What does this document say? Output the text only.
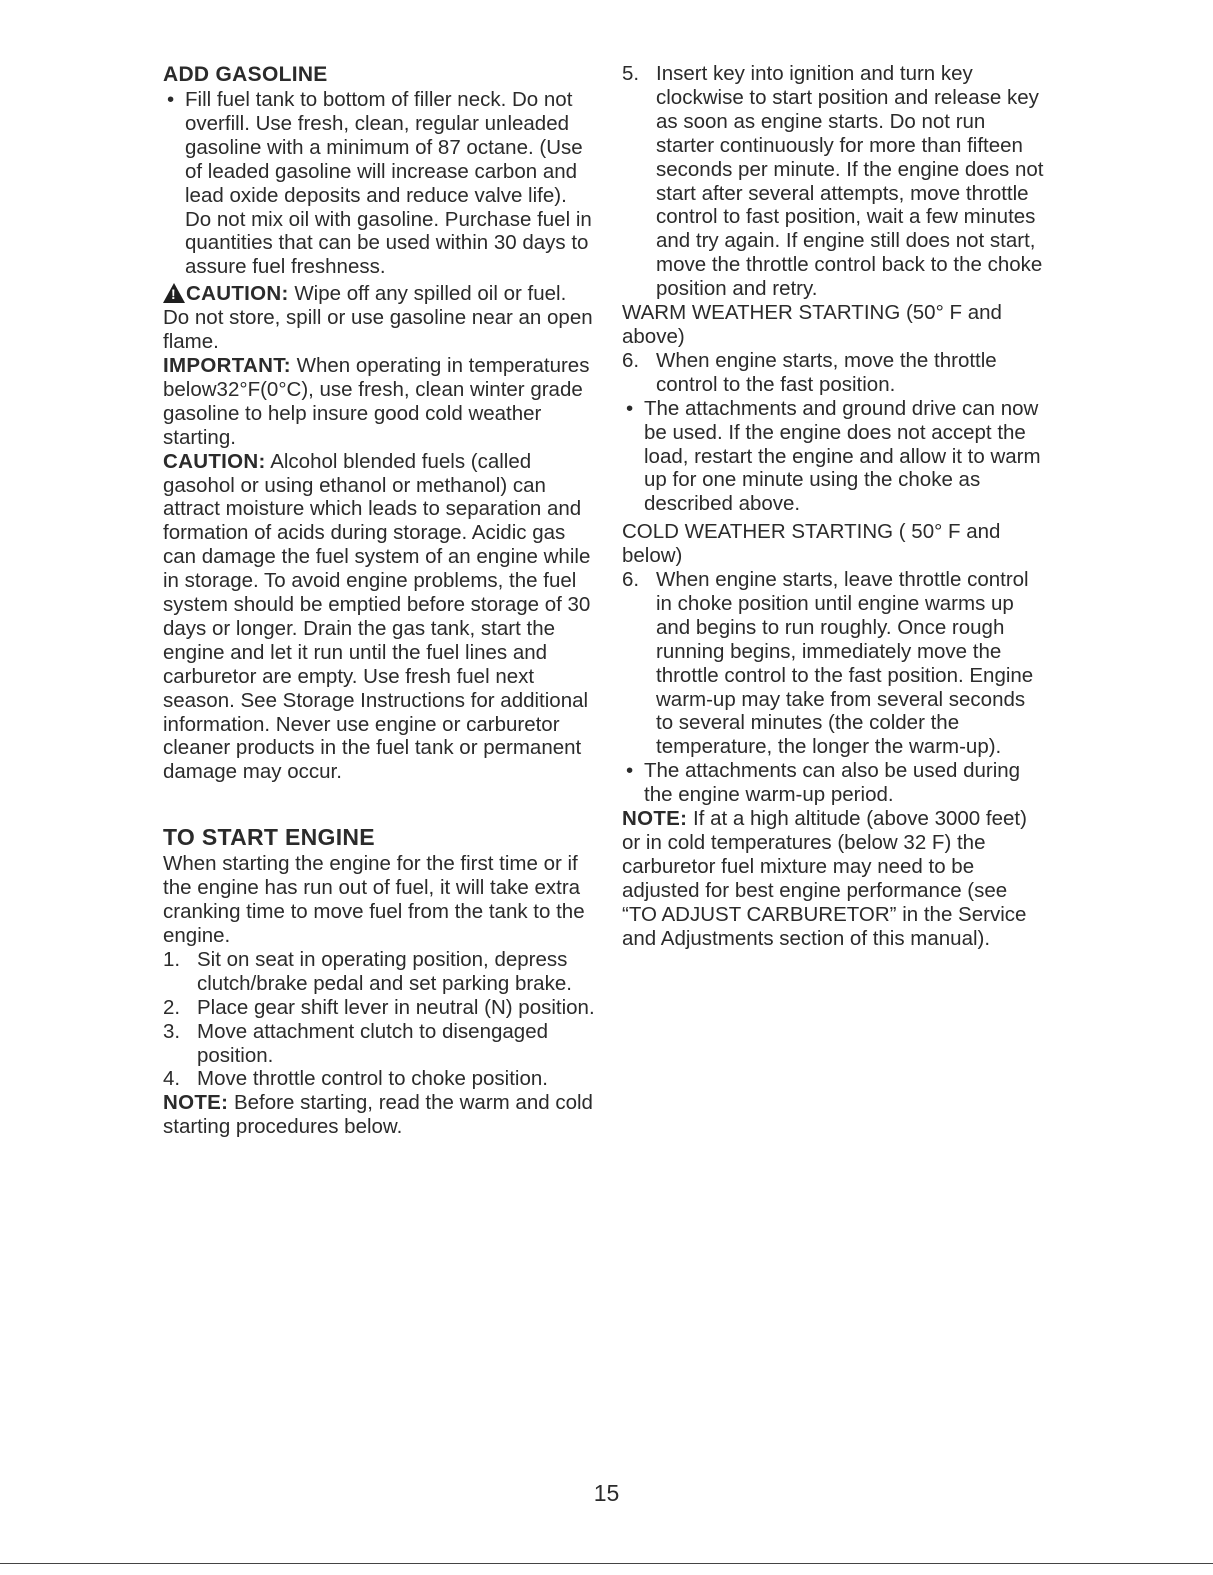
ADD GASOLINE

• Fill fuel tank to bottom of filler neck. Do not overfill. Use fresh, clean, regular unleaded gasoline with a minimum of 87 octane. (Use of leaded gasoline will increase carbon and lead oxide deposits and reduce valve life). Do not mix oil with gasoline. Purchase fuel in quantities that can be used within 30 days to assure fuel freshness.

!CAUTION: Wipe off any spilled oil or fuel. Do not store, spill or use gasoline near an open flame.

IMPORTANT: When operating in temperatures below32°F(0°C), use fresh, clean winter grade gasoline to help insure good cold weather starting.

CAUTION: Alcohol blended fuels (called gasohol or using ethanol or methanol) can attract moisture which leads to separation and formation of acids during storage. Acidic gas can damage the fuel system of an engine while in storage. To avoid engine problems, the fuel system should be emptied before storage of 30 days or longer. Drain the gas tank, start the engine and let it run until the fuel lines and carburetor are empty. Use fresh fuel next season. See Storage Instructions for additional information. Never use engine or carburetor cleaner products in the fuel tank or permanent damage may occur.

TO START ENGINE

When starting the engine for the first time or if the engine has run out of fuel, it will take extra cranking time to move fuel from the tank to the engine.

1. Sit on seat in operating position, depress clutch/brake pedal and set parking brake.

2. Place gear shift lever in neutral (N) position.

3. Move attachment clutch to disengaged position.

4. Move throttle control to choke position.

NOTE: Before starting, read the warm and cold starting procedures below.

5. Insert key into ignition and turn key clockwise to start position and release key as soon as engine starts. Do not run starter continuously for more than fifteen seconds per minute. If the engine does not start after several attempts, move throttle control to fast position, wait a few minutes and try again. If engine still does not start, move the throttle control back to the choke position and retry.

WARM WEATHER STARTING (50° F and above)

6. When engine starts, move the throttle control to the fast position.

• The attachments and ground drive can now be used. If the engine does not accept the load, restart the engine and allow it to warm up for one minute using the choke as described above.

COLD WEATHER STARTING ( 50° F and below)

6. When engine starts, leave throttle control in choke position until engine warms up and begins to run roughly. Once rough running begins, immediately move the throttle control to the fast position. Engine warm-up may take from several seconds to several minutes (the colder the temperature, the longer the warm-up).

• The attachments can also be used during the engine warm-up period.

NOTE: If at a high altitude (above 3000 feet) or in cold temperatures (below 32 F) the carburetor fuel mixture may need to be adjusted for best engine performance (see “TO ADJUST CARBURETOR” in the Service and Adjustments section of this manual).

15
